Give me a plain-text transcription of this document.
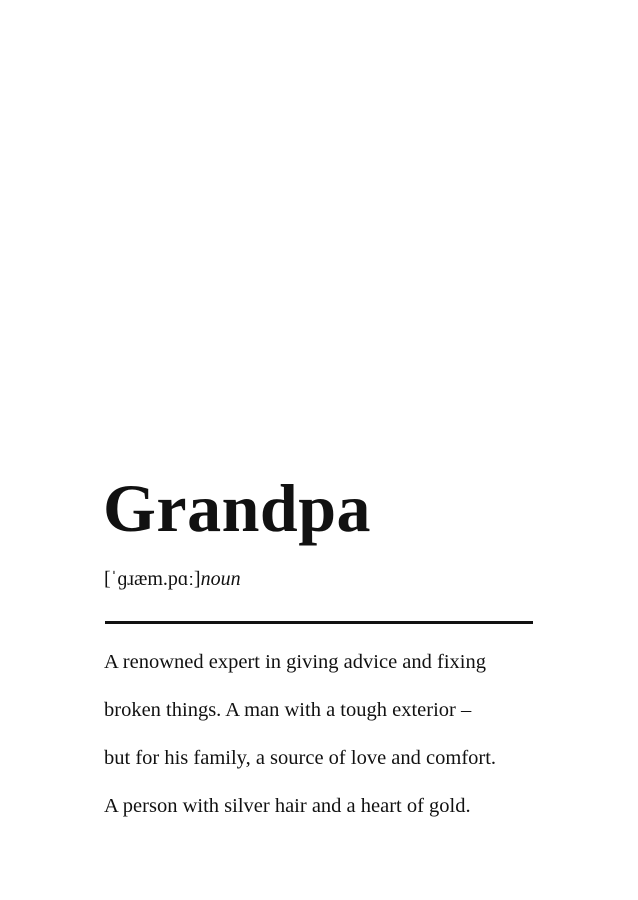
Grandpa
[ˈɡɹæm.pɑː]noun
A renowned expert in giving advice and fixing
broken things. A man with a tough exterior –
but for his family, a source of love and comfort.
A person with silver hair and a heart of gold.
